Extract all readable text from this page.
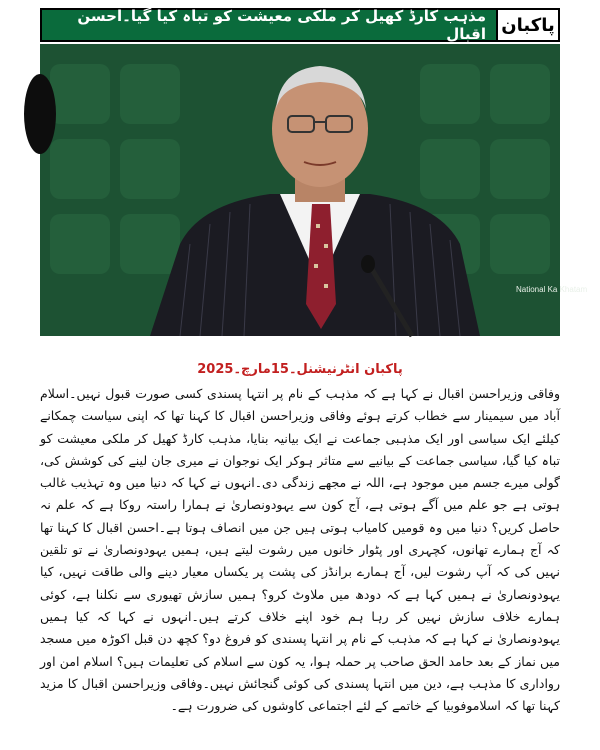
پاکبان
مذہب کارڈ کھیل کر ملکی معیشت کو تباہ کیا گیا۔احسن اقبال
National Ka Khatam
پاکبان انٹرنیشنل۔15مارچ۔2025

وفاقی وزیراحسن اقبال نے کہا ہے کہ مذہب کے نام پر انتہا پسندی کسی صورت قبول نہیں۔اسلام آباد میں سیمینار سے خطاب کرتے ہوئے وفاقی وزیراحسن اقبال کا کہنا تھا کہ اپنی سیاست چمکانے کیلئے ایک سیاسی اور ایک مذہبی جماعت نے ایک بیانیہ بنایا، مذہب کارڈ کھیل کر ملکی معیشت کو تباہ کیا گیا، سیاسی جماعت کے بیانیے سے متاثر ہوکر ایک نوجوان نے میری جان لینے کی کوشش کی، گولی میرے جسم میں موجود ہے، اللہ نے مجھے زندگی دی۔انہوں نے کہا کہ دنیا میں وہ تہذیب غالب ہوتی ہے جو علم میں آگے ہوتی ہے، آج کون سے یہودونصاریٰ نے ہمارا راستہ روکا ہے کہ علم نہ حاصل کریں؟ دنیا میں وہ قومیں کامیاب ہوتی ہیں جن میں انصاف ہوتا ہے۔احسن اقبال کا کہنا تھا کہ آج ہمارے تھانوں، کچہری اور پٹوار خانوں میں رشوت لیتے ہیں، ہمیں یہودونصاریٰ نے تو تلقین نہیں کی کہ آپ رشوت لیں، آج ہمارے برانڈز کی پشت پر یکساں معیار دینے والی طاقت نہیں، کیا یہودونصاریٰ نے ہمیں کہا ہے کہ دودھ میں ملاوٹ کرو؟ ہمیں سازش تھیوری سے نکلنا ہے، کوئی ہمارے خلاف سازش نہیں کر رہا ہم خود اپنے خلاف کرتے ہیں۔انہوں نے کہا کہ کیا ہمیں یہودونصاریٰ نے کہا ہے کہ مذہب کے نام پر انتہا پسندی کو فروغ دو؟ کچھ دن قبل اکوڑہ میں مسجد میں نماز کے بعد حامد الحق صاحب پر حملہ ہوا، یہ کون سے اسلام کی تعلیمات ہیں؟ اسلام امن اور رواداری کا مذہب ہے، دین میں انتہا پسندی کی کوئی گنجائش نہیں۔وفاقی وزیراحسن اقبال کا مزید کہنا تھا کہ اسلاموفوبیا کے خاتمے کے لئے اجتماعی کاوشوں کی ضرورت ہے۔
